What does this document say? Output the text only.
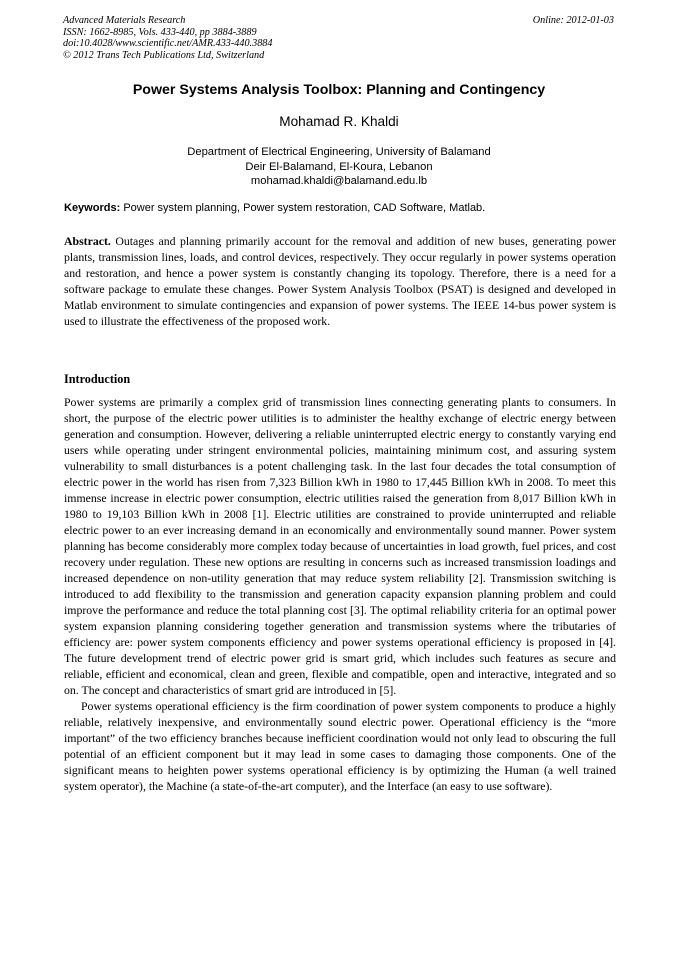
Advanced Materials Research
ISSN: 1662-8985, Vols. 433-440, pp 3884-3889
doi:10.4028/www.scientific.net/AMR.433-440.3884
© 2012 Trans Tech Publications Ltd, Switzerland
Online: 2012-01-03
Power Systems Analysis Toolbox: Planning and Contingency
Mohamad R. Khaldi
Department of Electrical Engineering, University of Balamand
Deir El-Balamand, El-Koura, Lebanon
mohamad.khaldi@balamand.edu.lb
Keywords: Power system planning, Power system restoration, CAD Software, Matlab.
Abstract. Outages and planning primarily account for the removal and addition of new buses, generating power plants, transmission lines, loads, and control devices, respectively. They occur regularly in power systems operation and restoration, and hence a power system is constantly changing its topology. Therefore, there is a need for a software package to emulate these changes. Power System Analysis Toolbox (PSAT) is designed and developed in Matlab environment to simulate contingencies and expansion of power systems. The IEEE 14-bus power system is used to illustrate the effectiveness of the proposed work.
Introduction

Power systems are primarily a complex grid of transmission lines connecting generating plants to consumers. In short, the purpose of the electric power utilities is to administer the healthy exchange of electric energy between generation and consumption. However, delivering a reliable uninterrupted electric energy to constantly varying end users while operating under stringent environmental policies, maintaining minimum cost, and assuring system vulnerability to small disturbances is a potent challenging task. In the last four decades the total consumption of electric power in the world has risen from 7,323 Billion kWh in 1980 to 17,445 Billion kWh in 2008. To meet this immense increase in electric power consumption, electric utilities raised the generation from 8,017 Billion kWh in 1980 to 19,103 Billion kWh in 2008 [1]. Electric utilities are constrained to provide uninterrupted and reliable electric power to an ever increasing demand in an economically and environmentally sound manner. Power system planning has become considerably more complex today because of uncertainties in load growth, fuel prices, and cost recovery under regulation. These new options are resulting in concerns such as increased transmission loadings and increased dependence on non-utility generation that may reduce system reliability [2]. Transmission switching is introduced to add flexibility to the transmission and generation capacity expansion planning problem and could improve the performance and reduce the total planning cost [3]. The optimal reliability criteria for an optimal power system expansion planning considering together generation and transmission systems where the tributaries of efficiency are: power system components efficiency and power systems operational efficiency is proposed in [4]. The future development trend of electric power grid is smart grid, which includes such features as secure and reliable, efficient and economical, clean and green, flexible and compatible, open and interactive, integrated and so on. The concept and characteristics of smart grid are introduced in [5].

Power systems operational efficiency is the firm coordination of power system components to produce a highly reliable, relatively inexpensive, and environmentally sound electric power. Operational efficiency is the “more important” of the two efficiency branches because inefficient coordination would not only lead to obscuring the full potential of an efficient component but it may lead in some cases to damaging those components. One of the significant means to heighten power systems operational efficiency is by optimizing the Human (a well trained system operator), the Machine (a state-of-the-art computer), and the Interface (an easy to use software).
